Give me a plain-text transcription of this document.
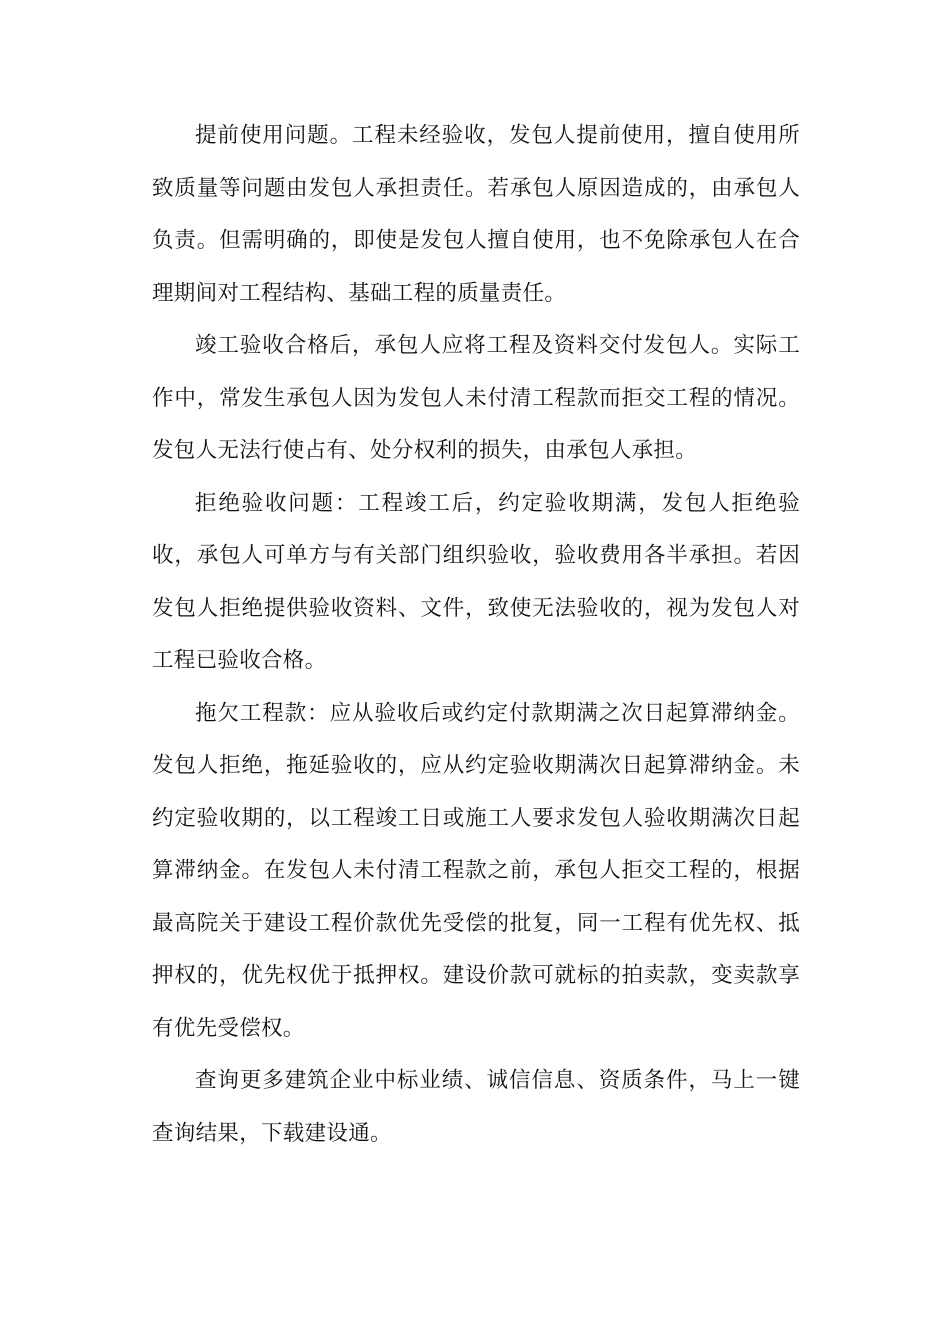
提前使用问题。工程未经验收，发包人提前使用，擅自使用所致质量等问题由发包人承担责任。若承包人原因造成的，由承包人负责。但需明确的，即使是发包人擅自使用，也不免除承包人在合理期间对工程结构、基础工程的质量责任。

竣工验收合格后，承包人应将工程及资料交付发包人。实际工作中，常发生承包人因为发包人未付清工程款而拒交工程的情况。发包人无法行使占有、处分权利的损失，由承包人承担。

拒绝验收问题：工程竣工后，约定验收期满，发包人拒绝验收，承包人可单方与有关部门组织验收，验收费用各半承担。若因发包人拒绝提供验收资料、文件，致使无法验收的，视为发包人对工程已验收合格。

拖欠工程款：应从验收后或约定付款期满之次日起算滞纳金。发包人拒绝，拖延验收的，应从约定验收期满次日起算滞纳金。未约定验收期的，以工程竣工日或施工人要求发包人验收期满次日起算滞纳金。在发包人未付清工程款之前，承包人拒交工程的，根据最高院关于建设工程价款优先受偿的批复，同一工程有优先权、抵押权的，优先权优于抵押权。建设价款可就标的拍卖款，变卖款享有优先受偿权。

查询更多建筑企业中标业绩、诚信信息、资质条件，马上一键查询结果，下载建设通。
